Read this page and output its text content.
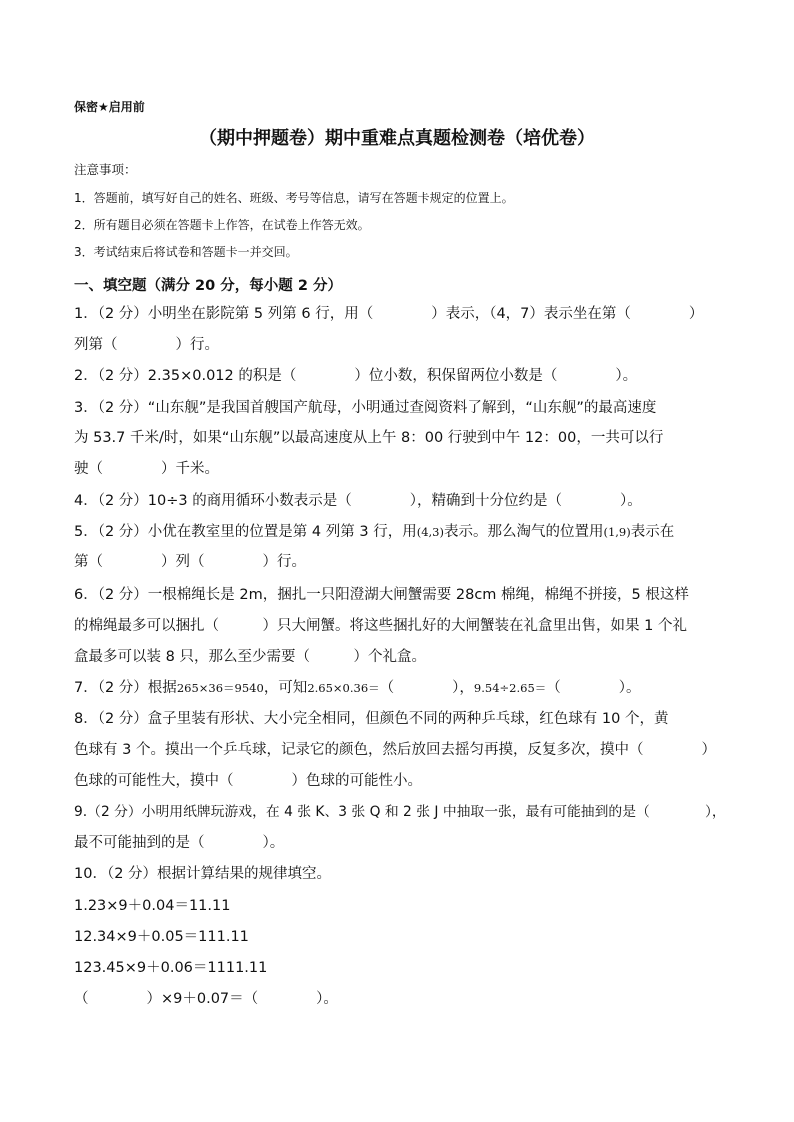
保密★启用前
（期中押题卷）期中重难点真题检测卷（培优卷）
注意事项：
1．答题前，填写好自己的姓名、班级、考号等信息，请写在答题卡规定的位置上。
2．所有题目必须在答题卡上作答，在试卷上作答无效。
3．考试结束后将试卷和答题卡一并交回。
一、填空题（满分 20 分，每小题 2 分）
1．（2 分）小明坐在影院第 5 列第 6 行，用（　　　　）表示，（4，7）表示坐在第（　　　　）
列第（　　　　）行。
2．（2 分）2.35×0.012 的积是（　　　　）位小数，积保留两位小数是（　　　　）。
3．（2 分）“山东舰”是我国首艘国产航母，小明通过查阅资料了解到，“山东舰”的最高速度
为 53.7 千米/时，如果“山东舰”以最高速度从上午 8：00 行驶到中午 12：00，一共可以行
驶（　　　　）千米。
4．（2 分）10÷3 的商用循环小数表示是（　　　　），精确到十分位约是（　　　　）。
5．（2 分）小优在教室里的位置是第 4 列第 3 行，用(4,3)表示。那么淘气的位置用(1,9)表示在
第（　　　　）列（　　　　）行。
6．（2 分）一根棉绳长是 2m，捆扎一只阳澄湖大闸蟹需要 28cm 棉绳，棉绳不拼接，5 根这样
的棉绳最多可以捆扎（　　　）只大闸蟹。将这些捆扎好的大闸蟹装在礼盒里出售，如果 1 个礼
盒最多可以装 8 只，那么至少需要（　　　）个礼盒。
7．（2 分）根据265×36＝9540，可知2.65×0.36＝（　　　　），9.54÷2.65＝（　　　　）。
8．（2 分）盒子里装有形状、大小完全相同，但颜色不同的两种乒乓球，红色球有 10 个，黄
色球有 3 个。摸出一个乒乓球，记录它的颜色，然后放回去摇匀再摸，反复多次，摸中（　　　　）
色球的可能性大，摸中（　　　　）色球的可能性小。
9.（2 分）小明用纸牌玩游戏，在 4 张 K、3 张 Q 和 2 张 J 中抽取一张，最有可能抽到的是（　　　　），
最不可能抽到的是（　　　　）。
10．（2 分）根据计算结果的规律填空。
1.23×9＋0.04＝11.11
12.34×9＋0.05＝111.11
123.45×9＋0.06＝1111.11
（　　　　）×9＋0.07＝（　　　　）。
